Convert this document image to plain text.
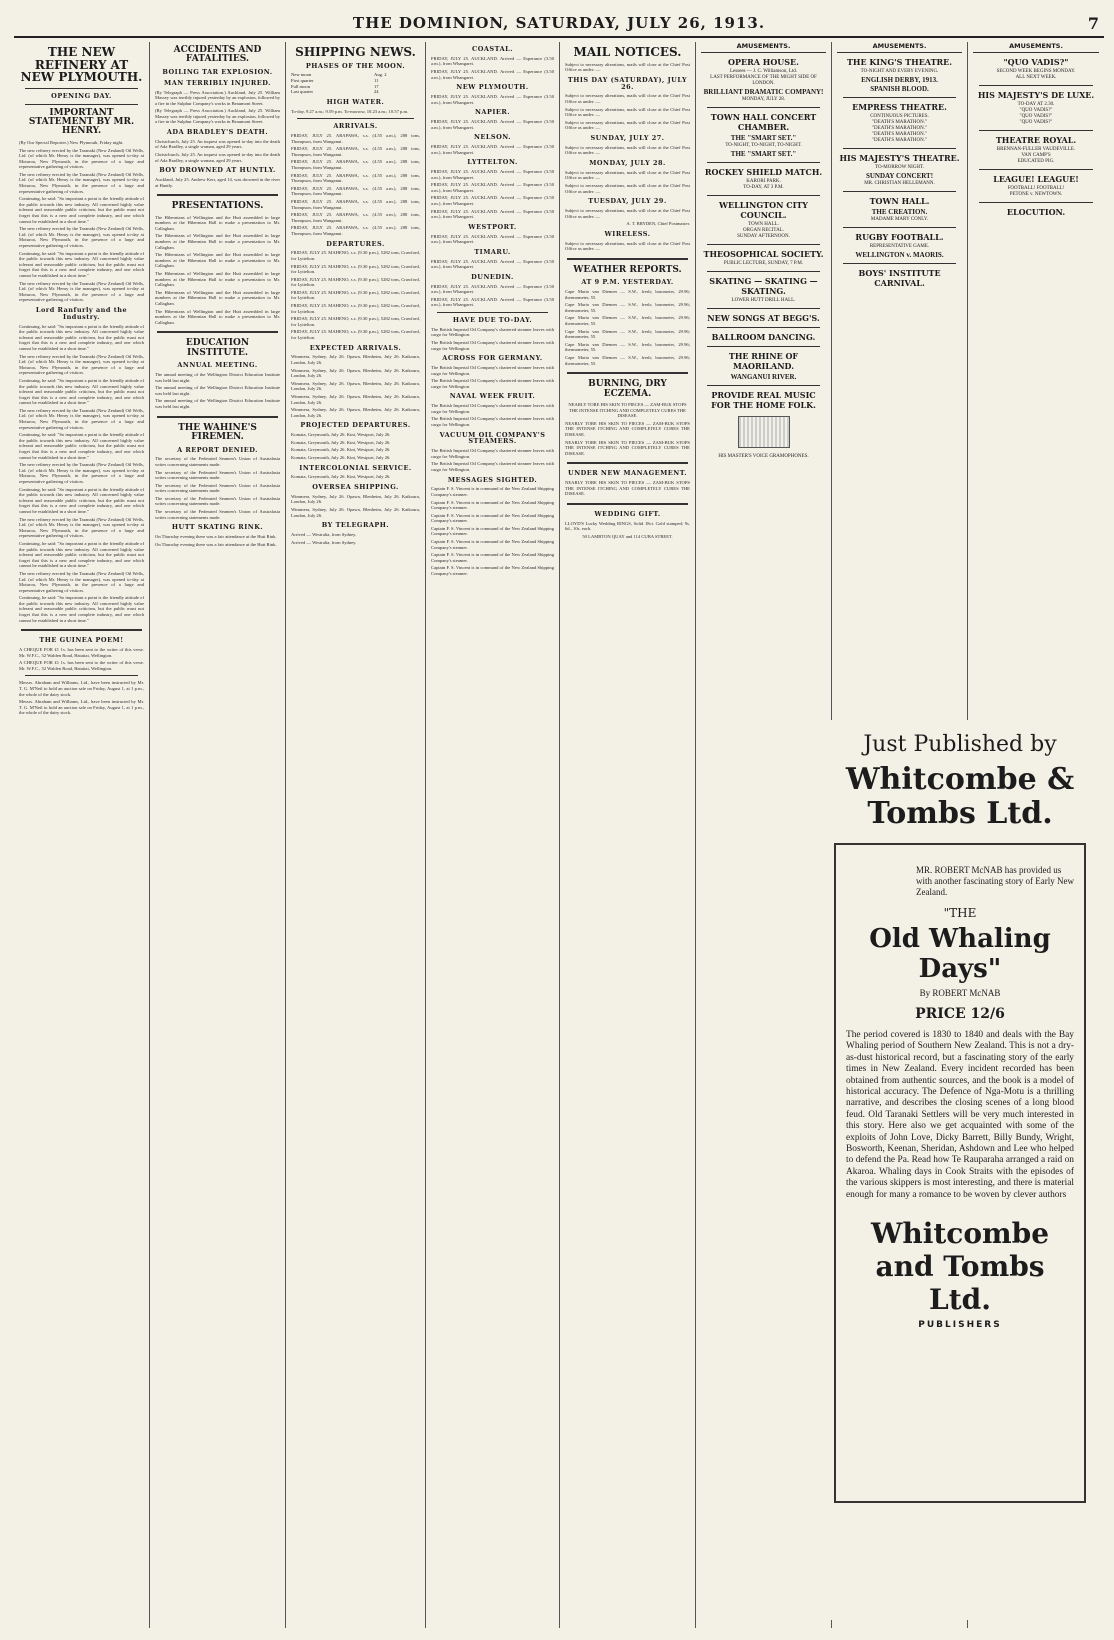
THE DOMINION, SATURDAY, JULY 26, 1913.	7
THE NEW REFINERY AT NEW PLYMOUTH.
OPENING DAY.
IMPORTANT STATEMENT BY MR. HENRY.

(By Our Special Reporter.) New Plymouth, Friday night.

The new refinery erected by the Taranaki (New Zealand) Oil Wells, Ltd. (of which Mr. Henry is the manager), was opened to-day at Moturoa, New Plymouth, in the presence of a large and representative gathering of visitors.

The new refinery erected by the Taranaki (New Zealand) Oil Wells, Ltd. (of which Mr. Henry is the manager), was opened to-day at Moturoa, New Plymouth, in the presence of a large and representative gathering of visitors.

Continuing, he said: "So important a point is the friendly attitude of the public towards this new industry. All concerned highly value tolerant and reasonable public criticism, but the public must not forget that this is a new and complete industry, and one which cannot be established in a short time."

The new refinery erected by the Taranaki (New Zealand) Oil Wells, Ltd. (of which Mr. Henry is the manager), was opened to-day at Moturoa, New Plymouth, in the presence of a large and representative gathering of visitors.

Continuing, he said: "So important a point is the friendly attitude of the public towards this new industry. All concerned highly value tolerant and reasonable public criticism, but the public must not forget that this is a new and complete industry, and one which cannot be established in a short time."

The new refinery erected by the Taranaki (New Zealand) Oil Wells, Ltd. (of which Mr. Henry is the manager), was opened to-day at Moturoa, New Plymouth, in the presence of a large and representative gathering of visitors.

Lord Ranfurly and the Industry.

Continuing, he said: "So important a point is the friendly attitude of the public towards this new industry. All concerned highly value tolerant and reasonable public criticism, but the public must not forget that this is a new and complete industry, and one which cannot be established in a short time."

The new refinery erected by the Taranaki (New Zealand) Oil Wells, Ltd. (of which Mr. Henry is the manager), was opened to-day at Moturoa, New Plymouth, in the presence of a large and representative gathering of visitors.

Continuing, he said: "So important a point is the friendly attitude of the public towards this new industry. All concerned highly value tolerant and reasonable public criticism, but the public must not forget that this is a new and complete industry, and one which cannot be established in a short time."

The new refinery erected by the Taranaki (New Zealand) Oil Wells, Ltd. (of which Mr. Henry is the manager), was opened to-day at Moturoa, New Plymouth, in the presence of a large and representative gathering of visitors.

Continuing, he said: "So important a point is the friendly attitude of the public towards this new industry. All concerned highly value tolerant and reasonable public criticism, but the public must not forget that this is a new and complete industry, and one which cannot be established in a short time."

The new refinery erected by the Taranaki (New Zealand) Oil Wells, Ltd. (of which Mr. Henry is the manager), was opened to-day at Moturoa, New Plymouth, in the presence of a large and representative gathering of visitors.

Continuing, he said: "So important a point is the friendly attitude of the public towards this new industry. All concerned highly value tolerant and reasonable public criticism, but the public must not forget that this is a new and complete industry, and one which cannot be established in a short time."

The new refinery erected by the Taranaki (New Zealand) Oil Wells, Ltd. (of which Mr. Henry is the manager), was opened to-day at Moturoa, New Plymouth, in the presence of a large and representative gathering of visitors.

Continuing, he said: "So important a point is the friendly attitude of the public towards this new industry. All concerned highly value tolerant and reasonable public criticism, but the public must not forget that this is a new and complete industry, and one which cannot be established in a short time."

The new refinery erected by the Taranaki (New Zealand) Oil Wells, Ltd. (of which Mr. Henry is the manager), was opened to-day at Moturoa, New Plymouth, in the presence of a large and representative gathering of visitors.

Continuing, he said: "So important a point is the friendly attitude of the public towards this new industry. All concerned highly value tolerant and reasonable public criticism, but the public must not forget that this is a new and complete industry, and one which cannot be established in a short time."

THE GUINEA POEM!

A CHEQUE FOR £1 1s. has been sent to the writer of this verse. Mr. W.F.C., 52 Walden Road, Hataitai, Wellington.

A CHEQUE FOR £1 1s. has been sent to the writer of this verse. Mr. W.F.C., 52 Walden Road, Hataitai, Wellington.

Messrs. Abraham and Williams, Ltd., have been instructed by Mr. T. G. M'Neil to hold an auction sale on Friday, August 1, at 1 p.m., the whole of the dairy stock.

Messrs. Abraham and Williams, Ltd., have been instructed by Mr. T. G. M'Neil to hold an auction sale on Friday, August 1, at 1 p.m., the whole of the dairy stock.

ACCIDENTS AND FATALITIES.
BOILING TAR EXPLOSION.
MAN TERRIBLY INJURED.

(By Telegraph — Press Association.) Auckland, July 25. William Massey was terribly injured yesterday by an explosion, followed by a fire in the Sulphur Company's works in Beaumont Street.

(By Telegraph — Press Association.) Auckland, July 25. William Massey was terribly injured yesterday by an explosion, followed by a fire in the Sulphur Company's works in Beaumont Street.

ADA BRADLEY'S DEATH.

Christchurch, July 25. An inquest was opened to-day into the death of Ada Bradley, a single woman, aged 29 years.

Christchurch, July 25. An inquest was opened to-day into the death of Ada Bradley, a single woman, aged 29 years.

BOY DROWNED AT HUNTLY.

Auckland, July 25. Andrew Kerr, aged 14, was drowned in the river at Huntly.

PRESENTATIONS.

The Hibernians of Wellington and the Hutt assembled in large numbers at the Hibernian Hall to make a presentation to Mr. Callaghan.

The Hibernians of Wellington and the Hutt assembled in large numbers at the Hibernian Hall to make a presentation to Mr. Callaghan.

The Hibernians of Wellington and the Hutt assembled in large numbers at the Hibernian Hall to make a presentation to Mr. Callaghan.

The Hibernians of Wellington and the Hutt assembled in large numbers at the Hibernian Hall to make a presentation to Mr. Callaghan.

The Hibernians of Wellington and the Hutt assembled in large numbers at the Hibernian Hall to make a presentation to Mr. Callaghan.

The Hibernians of Wellington and the Hutt assembled in large numbers at the Hibernian Hall to make a presentation to Mr. Callaghan.

EDUCATION INSTITUTE.
ANNUAL MEETING.

The annual meeting of the Wellington District Education Institute was held last night.

The annual meeting of the Wellington District Education Institute was held last night.

The annual meeting of the Wellington District Education Institute was held last night.

THE WAHINE'S FIREMEN.
A REPORT DENIED.

The secretary of the Federated Seamen's Union of Australasia writes concerning statements made.

The secretary of the Federated Seamen's Union of Australasia writes concerning statements made.

The secretary of the Federated Seamen's Union of Australasia writes concerning statements made.

The secretary of the Federated Seamen's Union of Australasia writes concerning statements made.

The secretary of the Federated Seamen's Union of Australasia writes concerning statements made.

HUTT SKATING RINK.

On Thursday evening there was a fair attendance at the Hutt Rink.

On Thursday evening there was a fair attendance at the Hutt Rink.

SHIPPING NEWS.
PHASES OF THE MOON.
New moon	Aug. 2
First quarter	11
Full moon	17
Last quarter	24
HIGH WATER.

To-day, 9.27 a.m.; 9.59 p.m. To-morrow, 10.23 a.m.; 10.57 p.m.

ARRIVALS.

FRIDAY, JULY 25. ARAPAWA, s.s. (4.55 a.m.), 288 tons, Thompson, from Wanganui.

FRIDAY, JULY 25. ARAPAWA, s.s. (4.55 a.m.), 288 tons, Thompson, from Wanganui.

FRIDAY, JULY 25. ARAPAWA, s.s. (4.55 a.m.), 288 tons, Thompson, from Wanganui.

FRIDAY, JULY 25. ARAPAWA, s.s. (4.55 a.m.), 288 tons, Thompson, from Wanganui.

FRIDAY, JULY 25. ARAPAWA, s.s. (4.55 a.m.), 288 tons, Thompson, from Wanganui.

FRIDAY, JULY 25. ARAPAWA, s.s. (4.55 a.m.), 288 tons, Thompson, from Wanganui.

FRIDAY, JULY 25. ARAPAWA, s.s. (4.55 a.m.), 288 tons, Thompson, from Wanganui.

FRIDAY, JULY 25. ARAPAWA, s.s. (4.55 a.m.), 288 tons, Thompson, from Wanganui.

DEPARTURES.

FRIDAY, JULY 25. MAHENO, s.s. (9.30 p.m.), 5282 tons, Crawford, for Lyttelton.

FRIDAY, JULY 25. MAHENO, s.s. (9.30 p.m.), 5282 tons, Crawford, for Lyttelton.

FRIDAY, JULY 25. MAHENO, s.s. (9.30 p.m.), 5282 tons, Crawford, for Lyttelton.

FRIDAY, JULY 25. MAHENO, s.s. (9.30 p.m.), 5282 tons, Crawford, for Lyttelton.

FRIDAY, JULY 25. MAHENO, s.s. (9.30 p.m.), 5282 tons, Crawford, for Lyttelton.

FRIDAY, JULY 25. MAHENO, s.s. (9.30 p.m.), 5282 tons, Crawford, for Lyttelton.

FRIDAY, JULY 25. MAHENO, s.s. (9.30 p.m.), 5282 tons, Crawford, for Lyttelton.

EXPECTED ARRIVALS.

Wimmera, Sydney, July 26. Opawa, Blenheim, July 26. Kaikoura, London, July 26.

Wimmera, Sydney, July 26. Opawa, Blenheim, July 26. Kaikoura, London, July 26.

Wimmera, Sydney, July 26. Opawa, Blenheim, July 26. Kaikoura, London, July 26.

Wimmera, Sydney, July 26. Opawa, Blenheim, July 26. Kaikoura, London, July 26.

Wimmera, Sydney, July 26. Opawa, Blenheim, July 26. Kaikoura, London, July 26.

PROJECTED DEPARTURES.

Komata, Greymouth, July 26. Kini, Westport, July 26.

Komata, Greymouth, July 26. Kini, Westport, July 26.

Komata, Greymouth, July 26. Kini, Westport, July 26.

Komata, Greymouth, July 26. Kini, Westport, July 26.

INTERCOLONIAL SERVICE.

Komata, Greymouth, July 26. Kini, Westport, July 26.

OVERSEA SHIPPING.

Wimmera, Sydney, July 26. Opawa, Blenheim, July 26. Kaikoura, London, July 26.

Wimmera, Sydney, July 26. Opawa, Blenheim, July 26. Kaikoura, London, July 26.

BY TELEGRAPH.

Arrived — Westralia, from Sydney.

Arrived — Westralia, from Sydney.

COASTAL.

FRIDAY, JULY 25. AUCKLAND. Arrived — Esperance (3.50 a.m.), from Whangarei.

FRIDAY, JULY 25. AUCKLAND. Arrived — Esperance (3.50 a.m.), from Whangarei.

NEW PLYMOUTH.

FRIDAY, JULY 25. AUCKLAND. Arrived — Esperance (3.50 a.m.), from Whangarei.

NAPIER.

FRIDAY, JULY 25. AUCKLAND. Arrived — Esperance (3.50 a.m.), from Whangarei.

NELSON.

FRIDAY, JULY 25. AUCKLAND. Arrived — Esperance (3.50 a.m.), from Whangarei.

LYTTELTON.

FRIDAY, JULY 25. AUCKLAND. Arrived — Esperance (3.50 a.m.), from Whangarei.

FRIDAY, JULY 25. AUCKLAND. Arrived — Esperance (3.50 a.m.), from Whangarei.

FRIDAY, JULY 25. AUCKLAND. Arrived — Esperance (3.50 a.m.), from Whangarei.

FRIDAY, JULY 25. AUCKLAND. Arrived — Esperance (3.50 a.m.), from Whangarei.

WESTPORT.

FRIDAY, JULY 25. AUCKLAND. Arrived — Esperance (3.50 a.m.), from Whangarei.

TIMARU.

FRIDAY, JULY 25. AUCKLAND. Arrived — Esperance (3.50 a.m.), from Whangarei.

DUNEDIN.

FRIDAY, JULY 25. AUCKLAND. Arrived — Esperance (3.50 a.m.), from Whangarei.

FRIDAY, JULY 25. AUCKLAND. Arrived — Esperance (3.50 a.m.), from Whangarei.

HAVE DUE TO-DAY.

The British Imperial Oil Company's chartered steamer leaves with cargo for Wellington.

The British Imperial Oil Company's chartered steamer leaves with cargo for Wellington.

ACROSS FOR GERMANY.

The British Imperial Oil Company's chartered steamer leaves with cargo for Wellington.

The British Imperial Oil Company's chartered steamer leaves with cargo for Wellington.

NAVAL WEEK FRUIT.

The British Imperial Oil Company's chartered steamer leaves with cargo for Wellington.

The British Imperial Oil Company's chartered steamer leaves with cargo for Wellington.

VACUUM OIL COMPANY'S STEAMERS.

The British Imperial Oil Company's chartered steamer leaves with cargo for Wellington.

The British Imperial Oil Company's chartered steamer leaves with cargo for Wellington.

MESSAGES SIGHTED.

Captain F. S. Vincent is in command of the New Zealand Shipping Company's steamer.

Captain F. S. Vincent is in command of the New Zealand Shipping Company's steamer.

Captain F. S. Vincent is in command of the New Zealand Shipping Company's steamer.

Captain F. S. Vincent is in command of the New Zealand Shipping Company's steamer.

Captain F. S. Vincent is in command of the New Zealand Shipping Company's steamer.

Captain F. S. Vincent is in command of the New Zealand Shipping Company's steamer.

Captain F. S. Vincent is in command of the New Zealand Shipping Company's steamer.

MAIL NOTICES.

Subject to necessary alterations, mails will close at the Chief Post Office as under: —

THIS DAY (SATURDAY), JULY 26.

Subject to necessary alterations, mails will close at the Chief Post Office as under: —

Subject to necessary alterations, mails will close at the Chief Post Office as under: —

Subject to necessary alterations, mails will close at the Chief Post Office as under: —

SUNDAY, JULY 27.

Subject to necessary alterations, mails will close at the Chief Post Office as under: —

MONDAY, JULY 28.

Subject to necessary alterations, mails will close at the Chief Post Office as under: —

Subject to necessary alterations, mails will close at the Chief Post Office as under: —

TUESDAY, JULY 29.

Subject to necessary alterations, mails will close at the Chief Post Office as under: —

A. T. BRYDEN, Chief Postmaster.

WIRELESS.

Subject to necessary alterations, mails will close at the Chief Post Office as under: —

WEATHER REPORTS.
AT 9 P.M. YESTERDAY.

Cape Maria van Diemen — S.W., fresh; barometer, 29.96; thermometer, 55.

Cape Maria van Diemen — S.W., fresh; barometer, 29.96; thermometer, 55.

Cape Maria van Diemen — S.W., fresh; barometer, 29.96; thermometer, 55.

Cape Maria van Diemen — S.W., fresh; barometer, 29.96; thermometer, 55.

Cape Maria van Diemen — S.W., fresh; barometer, 29.96; thermometer, 55.

Cape Maria van Diemen — S.W., fresh; barometer, 29.96; thermometer, 55.

BURNING, DRY ECZEMA.

NEARLY TORE HIS SKIN TO PIECES — ZAM-BUK STOPS THE INTENSE ITCHING AND COMPLETELY CURES THE DISEASE.

NEARLY TORE HIS SKIN TO PIECES — ZAM-BUK STOPS THE INTENSE ITCHING AND COMPLETELY CURES THE DISEASE.

NEARLY TORE HIS SKIN TO PIECES — ZAM-BUK STOPS THE INTENSE ITCHING AND COMPLETELY CURES THE DISEASE.

UNDER NEW MANAGEMENT.

NEARLY TORE HIS SKIN TO PIECES — ZAM-BUK STOPS THE INTENSE ITCHING AND COMPLETELY CURES THE DISEASE.

WEDDING GIFT.

LLOYD'S Lucky Wedding RINGS, Solid 18ct. Gold stamped; 9s. 6d., 10s. each.

50 LAMBTON QUAY and 114 CUBA STREET.

AMUSEMENTS.
OPERA HOUSE.

Lessees — J. C. Williamson, Ltd.

LAST PERFORMANCE OF THE MIGHT SIDE OF LONDON.

BRILLIANT DRAMATIC COMPANY!

MONDAY, JULY 28.

TOWN HALL CONCERT CHAMBER.

THE "SMART SET."

TO-NIGHT, TO-NIGHT, TO-NIGHT.

THE "SMART SET."

ROCKEY SHIELD MATCH.

KARORI PARK.

TO-DAY, AT 3 P.M.

WELLINGTON CITY COUNCIL.

TOWN HALL.

ORGAN RECITAL.

SUNDAY AFTERNOON.

THEOSOPHICAL SOCIETY.

PUBLIC LECTURE, SUNDAY, 7 P.M.

SKATING — SKATING — SKATING.

LOWER HUTT DRILL HALL.

NEW SONGS AT BEGG'S.
BALLROOM DANCING.
THE RHINE OF MAORILAND.

WANGANUI RIVER.

PROVIDE REAL MUSIC FOR THE HOME FOLK.

HIS MASTER'S VOICE GRAMOPHONES.

AMUSEMENTS.
THE KING'S THEATRE.

TO-NIGHT AND EVERY EVENING.

ENGLISH DERBY, 1913.

SPANISH BLOOD.

EMPRESS THEATRE.

CONTINUOUS PICTURES.

"DEATH'S MARATHON."

"DEATH'S MARATHON."

"DEATH'S MARATHON."

"DEATH'S MARATHON."

HIS MAJESTY'S THEATRE.

TO-MORROW NIGHT.

SUNDAY CONCERT!

MR. CHRISTIAN HELLEMANN.

TOWN HALL.

THE CREATION.

MADAME MARY CONLY.

RUGBY FOOTBALL.

REPRESENTATIVE GAME.

WELLINGTON v. MAORIS.

BOYS' INSTITUTE CARNIVAL.
AMUSEMENTS.
"QUO VADIS?"

SECOND WEEK BEGINS MONDAY.

ALL NEXT WEEK.

HIS MAJESTY'S DE LUXE.

TO-DAY AT 2.30.

"QUO VADIS?"

"QUO VADIS?"

"QUO VADIS?"

THEATRE ROYAL.

BRENNAN-FULLER VAUDEVILLE.

VAN CAMP'S

EDUCATED PIG.

LEAGUE! LEAGUE!

FOOTBALL! FOOTBALL!

PETONE v. NEWTOWN.

ELOCUTION.
Just Published by
Whitcombe & Tombs Ltd.

MR. ROBERT McNAB has provided us with another fascinating story of Early New Zealand.

"THE

Old Whaling Days"

By ROBERT McNAB

PRICE 12/6

The period covered is 1830 to 1840 and deals with the Bay Whaling period of Southern New Zealand. This is not a dry-as-dust historical record, but a fascinating story of the early times in New Zealand. Every incident recorded has been obtained from authentic sources, and the book is a model of historical accuracy. The Defence of Nga-Motu is a thrilling narrative, and describes the closing scenes of a long blood feud. Old Taranaki Settlers will be very much interested in this story. Here also we get acquainted with some of the exploits of John Love, Dicky Barrett, Billy Bundy, Wright, Bosworth, Keenan, Sheridan, Ashdown and Lee who helped to defend the Pa. Read how Te Rauparaha arranged a raid on Akaroa. Whaling days in Cook Straits with the episodes of the various skippers is most interesting, and there is material enough for many a romance to be woven by clever authors

Whitcombe and Tombs Ltd.

PUBLISHERS
